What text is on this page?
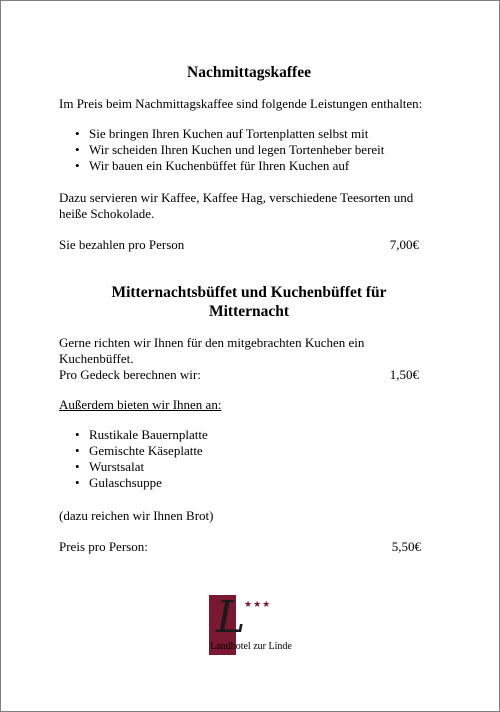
Nachmittagskaffee

Im Preis beim Nachmittagskaffee sind folgende Leistungen enthalten:

• Sie bringen Ihren Kuchen auf Tortenplatten selbst mit
• Wir scheiden Ihren Kuchen und legen Tortenheber bereit
• Wir bauen ein Kuchenbüffet für Ihren Kuchen auf

Dazu servieren wir Kaffee, Kaffee Hag, verschiedene Teesorten und
heiße Schokolade.

Sie bezahlen pro Person	7,00€
Mitternachtsbüffet und Kuchenbüffet für
Mitternacht

Gerne richten wir Ihnen für den mitgebrachten Kuchen ein
Kuchenbüffet.

Pro Gedeck berechnen wir:	1,50€

Außerdem bieten wir Ihnen an:

• Rustikale Bauernplatte
• Gemischte Käseplatte
• Wurstsalat
• Gulaschsuppe

(dazu reichen wir Ihnen Brot)

Preis pro Person:	5,50€
L
★★★
Landhotel zur Linde
